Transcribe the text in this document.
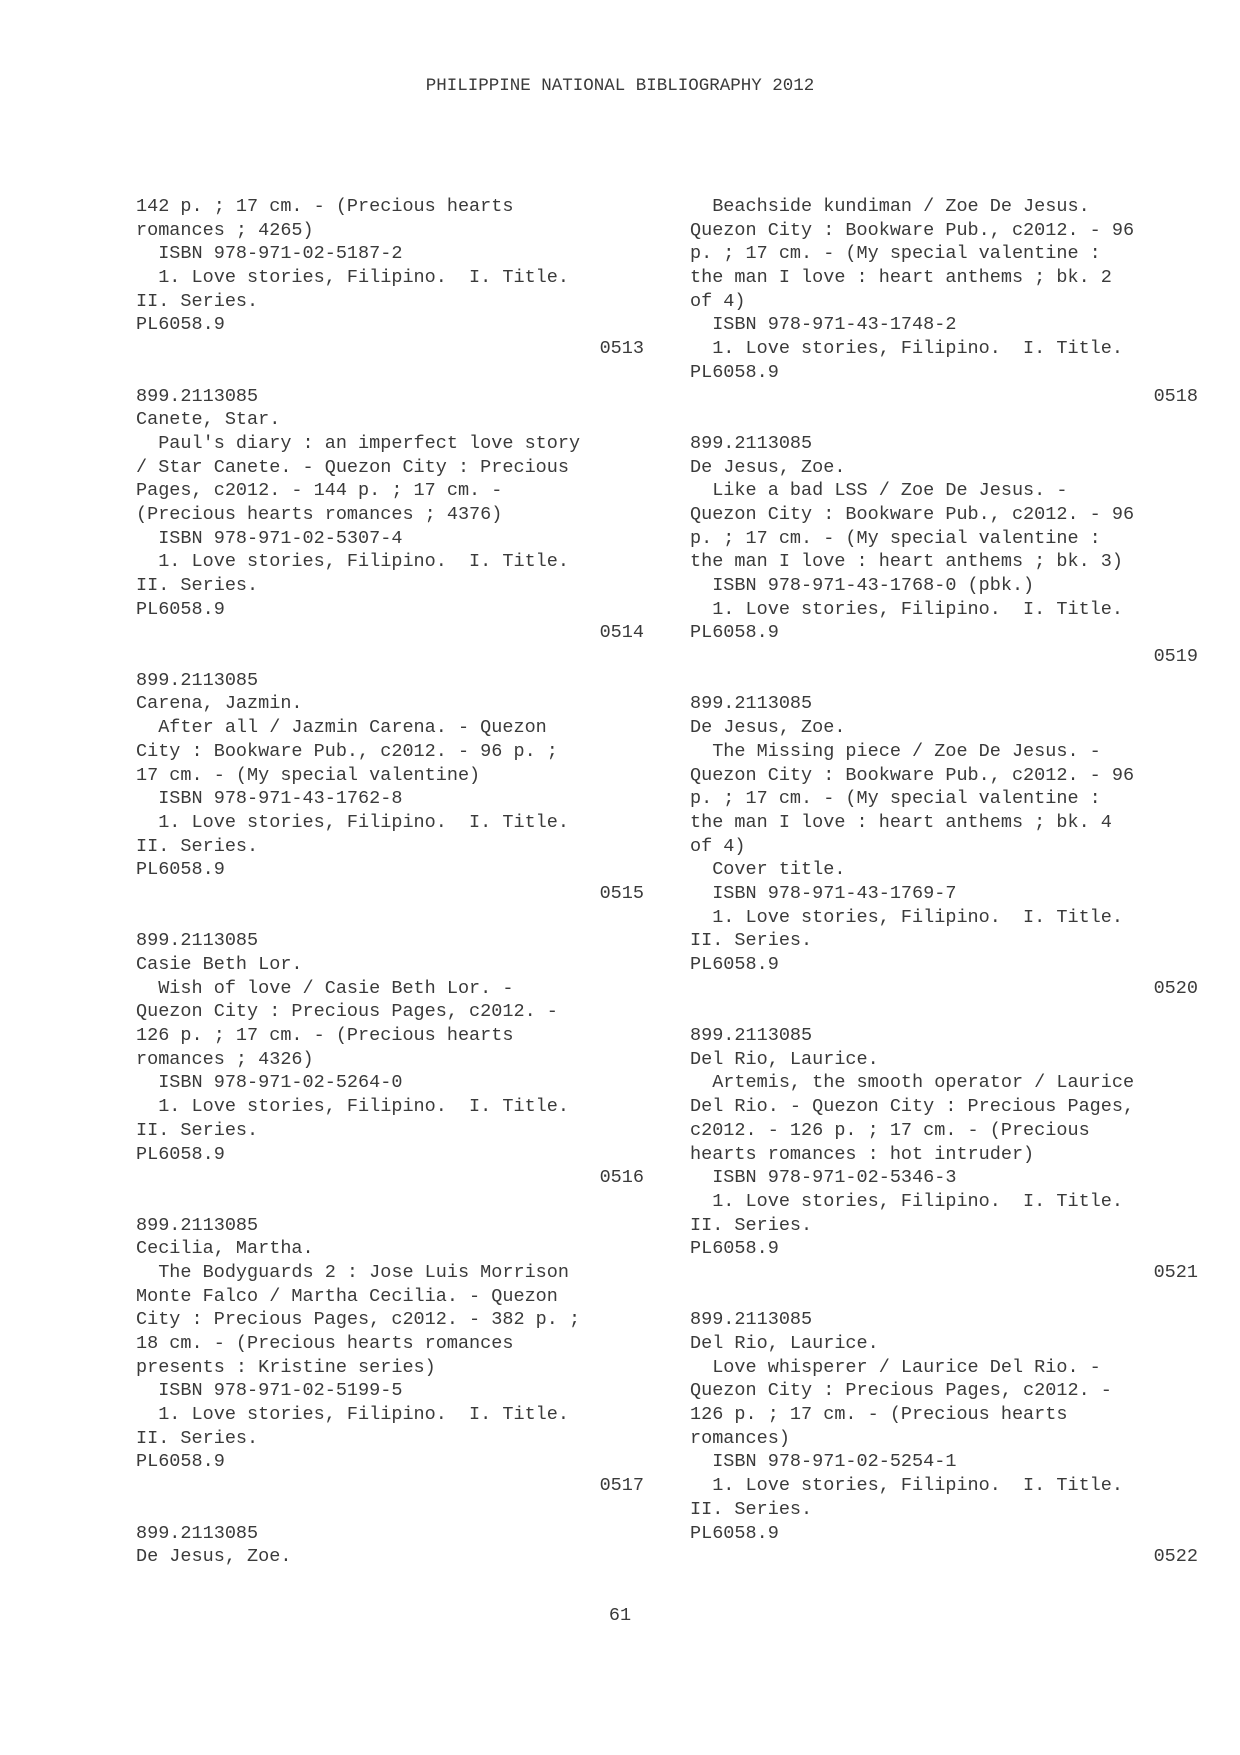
PHILIPPINE NATIONAL BIBLIOGRAPHY 2012
142 p. ; 17 cm. - (Precious hearts
romances ; 4265)
ISBN 978-971-02-5187-2
1. Love stories, Filipino.  I. Title.
II. Series.
PL6058.9
0513
899.2113085
Canete, Star.
Paul's diary : an imperfect love story
/ Star Canete. - Quezon City : Precious
Pages, c2012. - 144 p. ; 17 cm. -
(Precious hearts romances ; 4376)
ISBN 978-971-02-5307-4
1. Love stories, Filipino.  I. Title.
II. Series.
PL6058.9
0514
899.2113085
Carena, Jazmin.
After all / Jazmin Carena. - Quezon
City : Bookware Pub., c2012. - 96 p. ;
17 cm. - (My special valentine)
ISBN 978-971-43-1762-8
1. Love stories, Filipino.  I. Title.
II. Series.
PL6058.9
0515
899.2113085
Casie Beth Lor.
Wish of love / Casie Beth Lor. -
Quezon City : Precious Pages, c2012. -
126 p. ; 17 cm. - (Precious hearts
romances ; 4326)
ISBN 978-971-02-5264-0
1. Love stories, Filipino.  I. Title.
II. Series.
PL6058.9
0516
899.2113085
Cecilia, Martha.
The Bodyguards 2 : Jose Luis Morrison
Monte Falco / Martha Cecilia. - Quezon
City : Precious Pages, c2012. - 382 p. ;
18 cm. - (Precious hearts romances
presents : Kristine series)
ISBN 978-971-02-5199-5
1. Love stories, Filipino.  I. Title.
II. Series.
PL6058.9
0517
899.2113085
De Jesus, Zoe.
Beachside kundiman / Zoe De Jesus.
Quezon City : Bookware Pub., c2012. - 96
p. ; 17 cm. - (My special valentine :
the man I love : heart anthems ; bk. 2
of 4)
ISBN 978-971-43-1748-2
1. Love stories, Filipino.  I. Title.
PL6058.9
0518
899.2113085
De Jesus, Zoe.
Like a bad LSS / Zoe De Jesus. -
Quezon City : Bookware Pub., c2012. - 96
p. ; 17 cm. - (My special valentine :
the man I love : heart anthems ; bk. 3)
ISBN 978-971-43-1768-0 (pbk.)
1. Love stories, Filipino.  I. Title.
PL6058.9
0519
899.2113085
De Jesus, Zoe.
The Missing piece / Zoe De Jesus. -
Quezon City : Bookware Pub., c2012. - 96
p. ; 17 cm. - (My special valentine :
the man I love : heart anthems ; bk. 4
of 4)
Cover title.
ISBN 978-971-43-1769-7
1. Love stories, Filipino.  I. Title.
II. Series.
PL6058.9
0520
899.2113085
Del Rio, Laurice.
Artemis, the smooth operator / Laurice
Del Rio. - Quezon City : Precious Pages,
c2012. - 126 p. ; 17 cm. - (Precious
hearts romances : hot intruder)
ISBN 978-971-02-5346-3
1. Love stories, Filipino.  I. Title.
II. Series.
PL6058.9
0521
899.2113085
Del Rio, Laurice.
Love whisperer / Laurice Del Rio. -
Quezon City : Precious Pages, c2012. -
126 p. ; 17 cm. - (Precious hearts
romances)
ISBN 978-971-02-5254-1
1. Love stories, Filipino.  I. Title.
II. Series.
PL6058.9
0522
61
